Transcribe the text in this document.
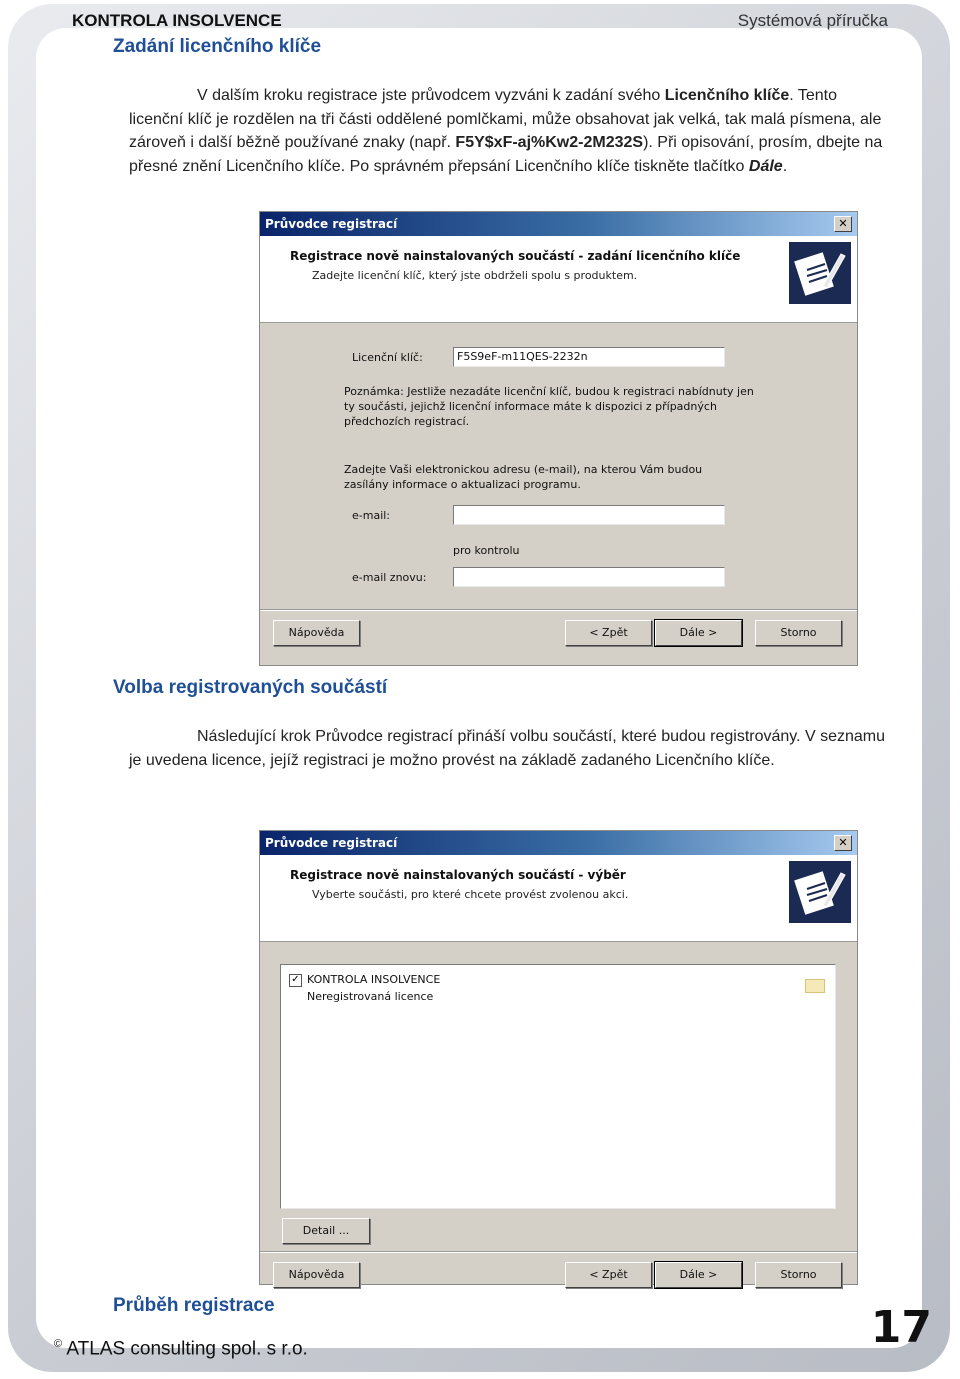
KONTROLA INSOLVENCE	Systémová příručka
Zadání licenčního klíče

V dalším kroku registrace jste průvodcem vyzváni k zadání svého Licenčního klíče. Tento licenční klíč je rozdělen na tři části oddělené pomlčkami, může obsahovat jak velká, tak malá písmena, ale zároveň i další běžně používané znaky (např. F5Y$xF-aj%Kw2-2M232S). Při opisování, prosím, dbejte na přesné znění Licenčního klíče. Po správném přepsání Licenčního klíče tiskněte tlačítko Dále.

Průvodce registrací	✕
Registrace nově nainstalovaných součástí - zadání licenčního klíče
Zadejte licenční klíč, který jste obdrželi spolu s produktem.
Licenční klíč:	F5S9eF-m11QES-2232n
Poznámka: Jestliže nezadáte licenční klíč, budou k registraci nabídnuty jen ty součásti, jejichž licenční informace máte k dispozici z případných předchozích registrací.
Zadejte Vaši elektronickou adresu (e-mail), na kterou Vám budou zasílány informace o aktualizaci programu.
e-mail:
pro kontrolu
e-mail znovu:
Nápověda	< Zpět	Dále >	Storno
Volba registrovaných součástí

Následující krok Průvodce registrací přináší volbu součástí, které budou registrovány. V seznamu je uvedena licence, jejíž registraci je možno provést na základě zadaného Licenčního klíče.

Průvodce registrací	✕
Registrace nově nainstalovaných součástí - výběr
Vyberte součásti, pro které chcete provést zvolenou akci.
✓ KONTROLA INSOLVENCE
Neregistrovaná licence
Detail ...
Nápověda	< Zpět	Dále >	Storno
Průběh registrace
© ATLAS consulting spol. s r.o.	17
